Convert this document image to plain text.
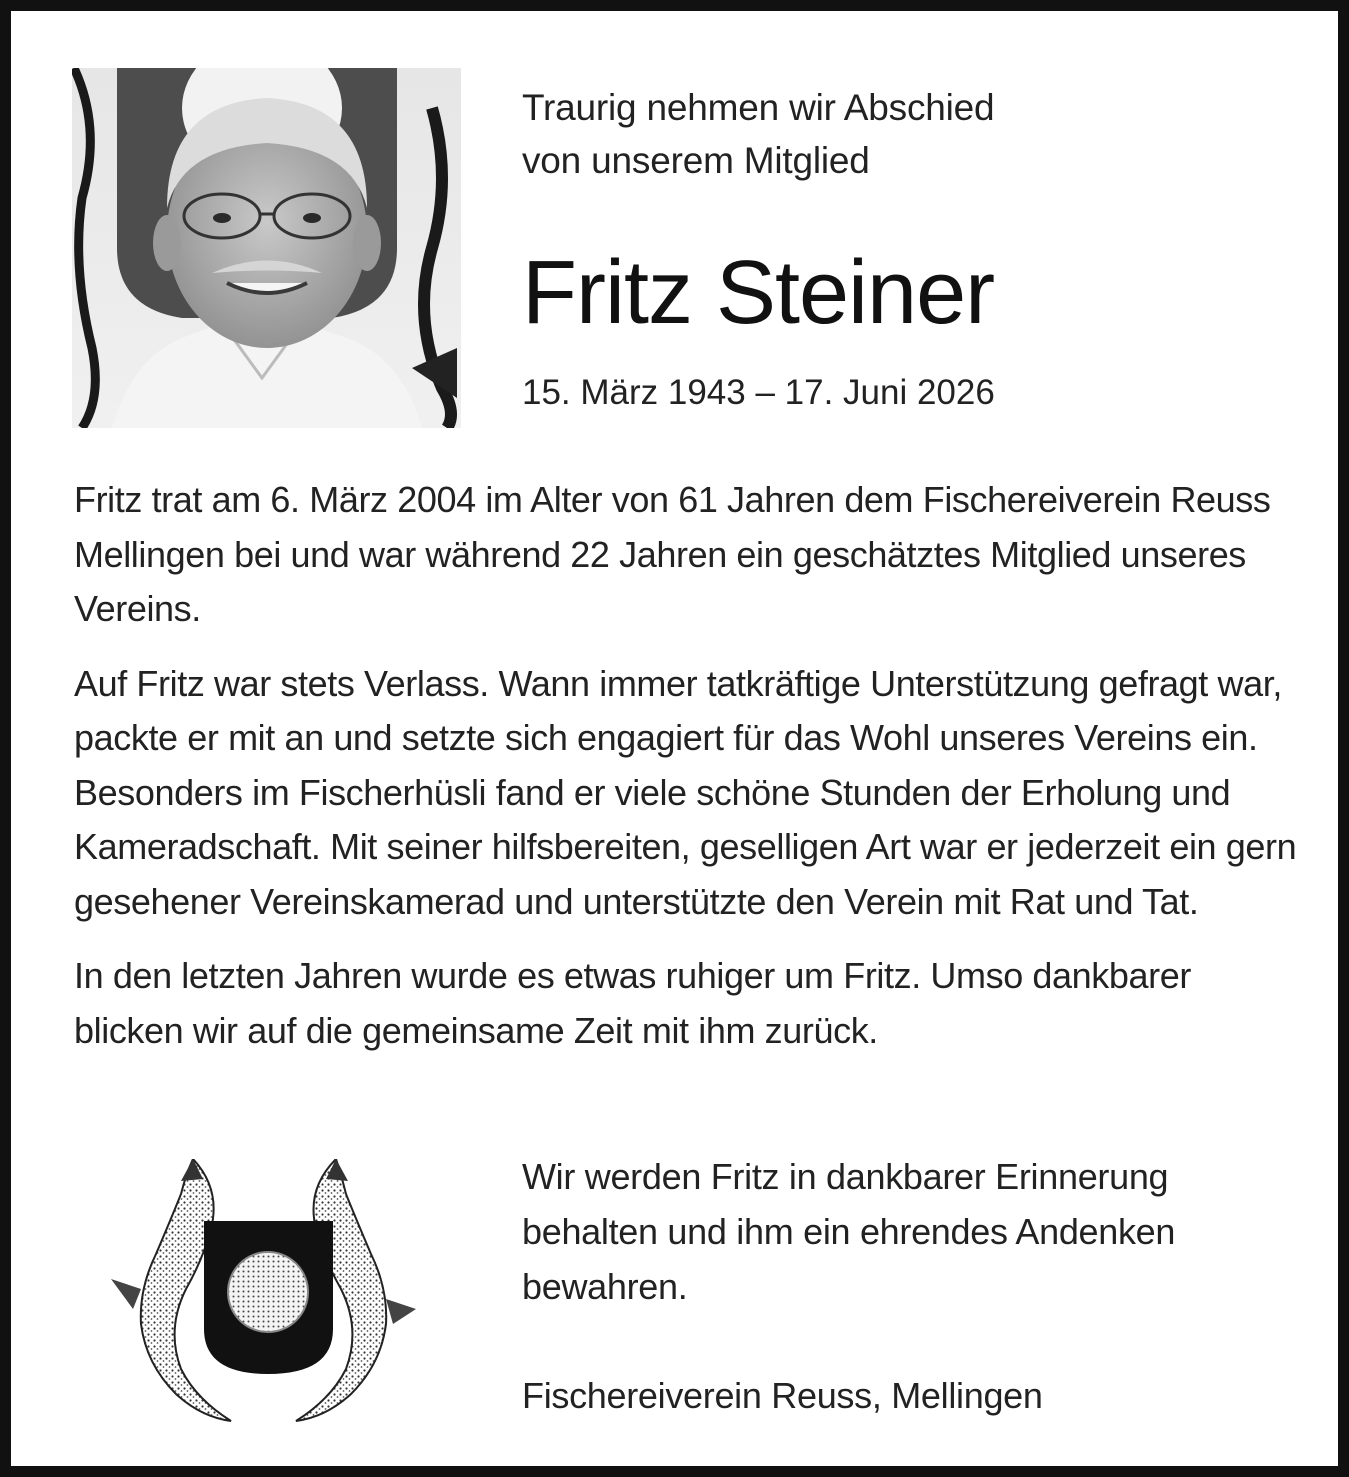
Traurig nehmen wir Abschied
von unserem Mitglied
Fritz Steiner
15. März 1943 – 17. Juni 2026

Fritz trat am 6. März 2004 im Alter von 61 Jahren dem Fischereiverein Reuss Mellingen bei und war während 22 Jahren ein geschätztes Mitglied unseres Vereins.

Auf Fritz war stets Verlass. Wann immer tatkräftige Unterstützung gefragt war, packte er mit an und setzte sich engagiert für das Wohl unseres Vereins ein. Besonders im Fischerhüsli fand er viele schöne Stunden der Erholung und Kameradschaft. Mit seiner hilfsbereiten, geselligen Art war er jederzeit ein gern gesehener Vereinskamerad und unterstützte den Verein mit Rat und Tat.

In den letzten Jahren wurde es etwas ruhiger um Fritz. Umso dankbarer blicken wir auf die gemeinsame Zeit mit ihm zurück.

Wir werden Fritz in dankbarer Erinnerung
behalten und ihm ein ehrendes Andenken
bewahren.
Fischereiverein Reuss, Mellingen
